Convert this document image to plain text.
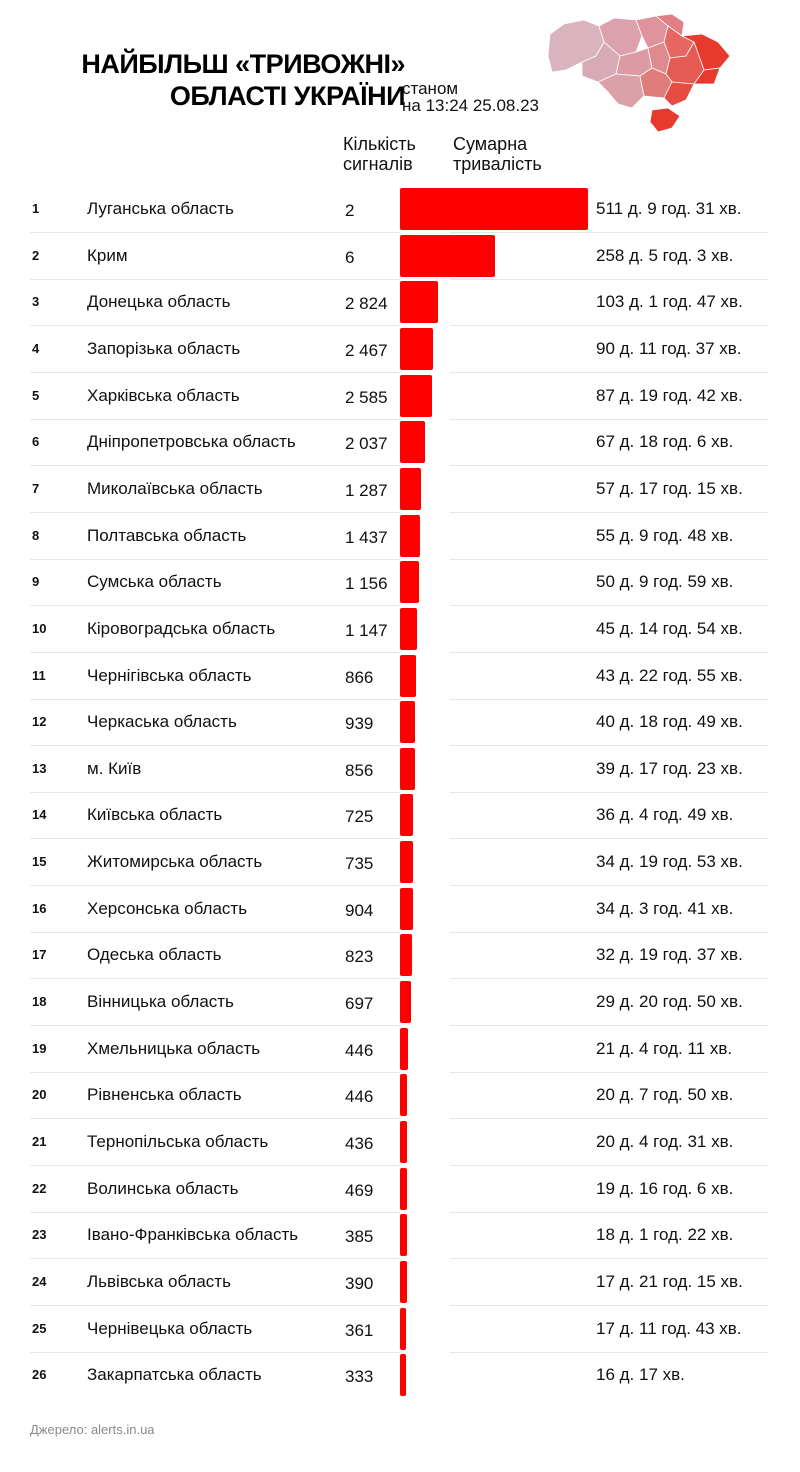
НАЙБІЛЬШ «ТРИВОЖНІ»
ОБЛАСТІ УКРАЇНИ
станом
на 13:24 25.08.23
Кількість
сигналів
Сумарна
тривалість
1	Луганська область	2	511 д. 9 год. 31 хв.
2	Крим	6	258 д. 5 год. 3 хв.
3	Донецька область	2 824	103 д. 1 год. 47 хв.
4	Запорізька область	2 467	90 д. 11 год. 37 хв.
5	Харківська область	2 585	87 д. 19 год. 42 хв.
6	Дніпропетровська область	2 037	67 д. 18 год. 6 хв.
7	Миколаївська область	1 287	57 д. 17 год. 15 хв.
8	Полтавська область	1 437	55 д. 9 год. 48 хв.
9	Сумська область	1 156	50 д. 9 год. 59 хв.
10 Кіровоградська область	1 147	45 д. 14 год. 54 хв.
11 Чернігівська область	866	43 д. 22 год. 55 хв.
12 Черкаська область	939	40 д. 18 год. 49 хв.
13 м. Київ	856	39 д. 17 год. 23 хв.
14 Київська область	725	36 д. 4 год. 49 хв.
15 Житомирська область	735	34 д. 19 год. 53 хв.
16 Херсонська область	904	34 д. 3 год. 41 хв.
17 Одеська область	823	32 д. 19 год. 37 хв.
18 Вінницька область	697	29 д. 20 год. 50 хв.
19 Хмельницька область	446	21 д. 4 год. 11 хв.
20 Рівненська область	446	20 д. 7 год. 50 хв.
21 Тернопільська область	436	20 д. 4 год. 31 хв.
22 Волинська область	469	19 д. 16 год. 6 хв.
23 Івано-Франківська область	385	18 д. 1 год. 22 хв.
24 Львівська область	390	17 д. 21 год. 15 хв.
25 Чернівецька область	361	17 д. 11 год. 43 хв.
26 Закарпатська область	333	16 д. 17 хв.
Джерело: alerts.in.ua
